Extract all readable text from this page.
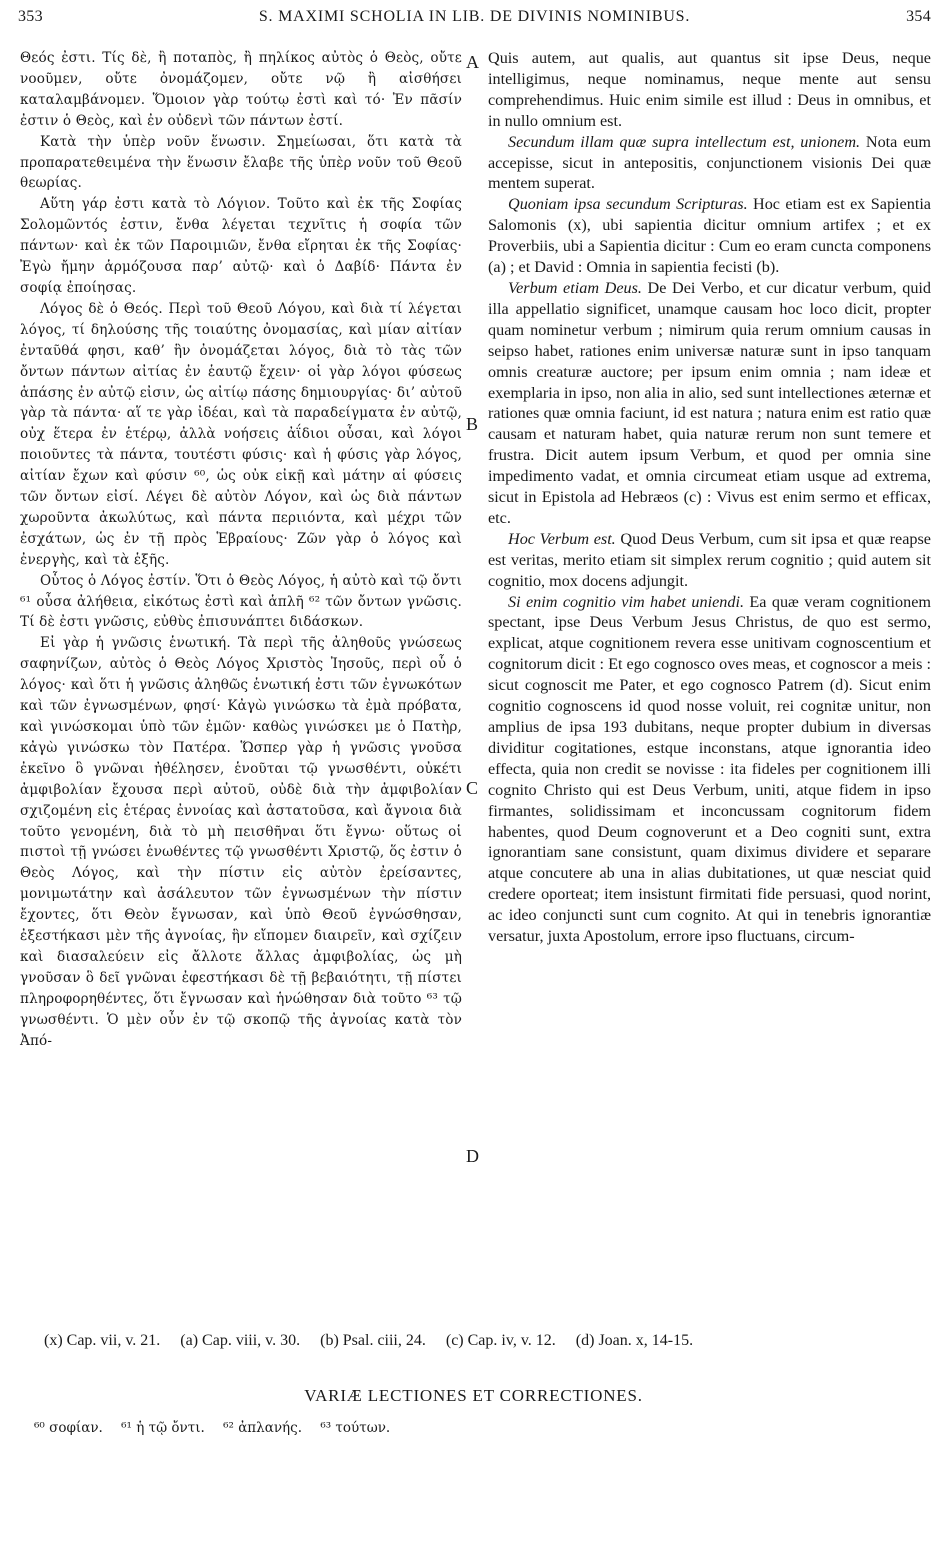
353	S. MAXIMI SCHOLIA IN LIB. DE DIVINIS NOMINIBUS.	354

Θεός ἐστι. Τίς δὲ, ἢ ποταπὸς, ἢ πηλίκος αὐτὸς ὁ Θεὸς, οὔτε νοοῦμεν, οὔτε ὀνομάζομεν, οὔτε νῷ ἢ αἰσθήσει καταλαμβάνομεν. Ὅμοιον γὰρ τούτῳ ἐστὶ καὶ τό· Ἐν πᾶσίν ἐστιν ὁ Θεὸς, καὶ ἐν οὐδενὶ τῶν πάντων ἐστί.

Κατὰ τὴν ὑπὲρ νοῦν ἕνωσιν. Σημείωσαι, ὅτι κατὰ τὰ προπαρατεθειμένα τὴν ἕνωσιν ἔλαβε τῆς ὑπὲρ νοῦν τοῦ Θεοῦ θεωρίας.

Αὕτη γάρ ἐστι κατὰ τὸ Λόγιον. Τοῦτο καὶ ἐκ τῆς Σοφίας Σολομῶντός ἐστιν, ἔνθα λέγεται τεχνῖτις ἡ σοφία τῶν πάντων· καὶ ἐκ τῶν Παροιμιῶν, ἔνθα εἴρηται ἐκ τῆς Σοφίας· Ἐγὼ ἤμην ἁρμόζουσα παρ’ αὐτῷ· καὶ ὁ Δαβίδ· Πάντα ἐν σοφίᾳ ἐποίησας.

Λόγος δὲ ὁ Θεός. Περὶ τοῦ Θεοῦ Λόγου, καὶ διὰ τί λέγεται λόγος, τί δηλούσης τῆς τοιαύτης ὀνομασίας, καὶ μίαν αἰτίαν ἐνταῦθά φησι, καθ’ ἣν ὀνομάζεται λόγος, διὰ τὸ τὰς τῶν ὄντων πάντων αἰτίας ἐν ἑαυτῷ ἔχειν· οἱ γὰρ λόγοι φύσεως ἁπάσης ἐν αὐτῷ εἰσιν, ὡς αἰτίῳ πάσης δημιουργίας· δι’ αὐτοῦ γὰρ τὰ πάντα· αἵ τε γὰρ ἰδέαι, καὶ τὰ παραδείγματα ἐν αὐτῷ, οὐχ ἕτερα ἐν ἑτέρῳ, ἀλλὰ νοήσεις ἀΐδιοι οὖσαι, καὶ λόγοι ποιοῦντες τὰ πάντα, τουτέστι φύσις· καὶ ἡ φύσις γὰρ λόγος, αἰτίαν ἔχων καὶ φύσιν ⁶⁰, ὡς οὐκ εἰκῇ καὶ μάτην αἱ φύσεις τῶν ὄντων εἰσί. Λέγει δὲ αὐτὸν Λόγον, καὶ ὡς διὰ πάντων χωροῦντα ἀκωλύτως, καὶ πάντα περιιόντα, καὶ μέχρι τῶν ἐσχάτων, ὡς ἐν τῇ πρὸς Ἑβραίους· Ζῶν γὰρ ὁ λόγος καὶ ἐνεργὴς, καὶ τὰ ἑξῆς.

Οὗτος ὁ Λόγος ἐστίν. Ὅτι ὁ Θεὸς Λόγος, ἡ αὐτὸ καὶ τῷ ὄντι ⁶¹ οὖσα ἀλήθεια, εἰκότως ἐστὶ καὶ ἁπλῆ ⁶² τῶν ὄντων γνῶσις. Τί δὲ ἐστι γνῶσις, εὐθὺς ἐπισυνάπτει διδάσκων.

Εἰ γὰρ ἡ γνῶσις ἑνωτική. Τὰ περὶ τῆς ἀληθοῦς γνώσεως σαφηνίζων, αὐτὸς ὁ Θεὸς Λόγος Χριστὸς Ἰησοῦς, περὶ οὗ ὁ λόγος· καὶ ὅτι ἡ γνῶσις ἀληθῶς ἑνωτική ἐστι τῶν ἐγνωκότων καὶ τῶν ἐγνωσμένων, φησί· Κἀγὼ γινώσκω τὰ ἐμὰ πρόβατα, καὶ γινώσκομαι ὑπὸ τῶν ἐμῶν· καθὼς γινώσκει με ὁ Πατὴρ, κἀγὼ γινώσκω τὸν Πατέρα. Ὥσπερ γὰρ ἡ γνῶσις γνοῦσα ἐκεῖνο ὃ γνῶναι ἠθέλησεν, ἑνοῦται τῷ γνωσθέντι, οὐκέτι ἀμφιβολίαν ἔχουσα περὶ αὐτοῦ, οὐδὲ διὰ τὴν ἀμφιβολίαν σχιζομένη εἰς ἑτέρας ἐννοίας καὶ ἀστατοῦσα, καὶ ἄγνοια διὰ τοῦτο γενομένη, διὰ τὸ μὴ πεισθῆναι ὅτι ἔγνω· οὕτως οἱ πιστοὶ τῇ γνώσει ἑνωθέντες τῷ γνωσθέντι Χριστῷ, ὅς ἐστιν ὁ Θεὸς Λόγος, καὶ τὴν πίστιν εἰς αὐτὸν ἐρείσαντες, μονιμωτάτην καὶ ἀσάλευτον τῶν ἐγνωσμένων τὴν πίστιν ἔχοντες, ὅτι Θεὸν ἔγνωσαν, καὶ ὑπὸ Θεοῦ ἐγνώσθησαν, ἐξεστήκασι μὲν τῆς ἀγνοίας, ἣν εἴπομεν διαιρεῖν, καὶ σχίζειν καὶ διασαλεύειν εἰς ἄλλοτε ἄλλας ἀμφιβολίας, ὡς μὴ γνοῦσαν ὃ δεῖ γνῶναι ἐφεστήκασι δὲ τῇ βεβαιότητι, τῇ πίστει πληροφορηθέντες, ὅτι ἔγνωσαν καὶ ἡνώθησαν διὰ τοῦτο ⁶³ τῷ γνωσθέντι. Ὁ μὲν οὖν ἐν τῷ σκοπῷ τῆς ἀγνοίας κατὰ τὸν Ἀπό-

A
B
C
D

Quis autem, aut qualis, aut quantus sit ipse Deus, neque intelligimus, neque nominamus, neque mente aut sensu comprehendimus. Huic enim simile est illud : Deus in omnibus, et in nullo omnium est.

Secundum illam quæ supra intellectum est, unionem. Nota eum accepisse, sicut in antepositis, conjunctionem visionis Dei quæ mentem superat.

Quoniam ipsa secundum Scripturas. Hoc etiam est ex Sapientia Salomonis (x), ubi sapientia dicitur omnium artifex ; et ex Proverbiis, ubi a Sapientia dicitur : Cum eo eram cuncta componens (a) ; et David : Omnia in sapientia fecisti (b).

Verbum etiam Deus. De Dei Verbo, et cur dicatur verbum, quid illa appellatio significet, unamque causam hoc loco dicit, propter quam nominetur verbum ; nimirum quia rerum omnium causas in seipso habet, rationes enim universæ naturæ sunt in ipso tanquam omnis creaturæ auctore; per ipsum enim omnia ; nam ideæ et exemplaria in ipso, non alia in alio, sed sunt intellectiones æternæ et rationes quæ omnia faciunt, id est natura ; natura enim est ratio quæ causam et naturam habet, quia naturæ rerum non sunt temere et frustra. Dicit autem ipsum Verbum, et quod per omnia sine impedimento vadat, et omnia circumeat etiam usque ad extrema, sicut in Epistola ad Hebræos (c) : Vivus est enim sermo et efficax, etc.

Hoc Verbum est. Quod Deus Verbum, cum sit ipsa et quæ reapse est veritas, merito etiam sit simplex rerum cognitio ; quid autem sit cognitio, mox docens adjungit.

Si enim cognitio vim habet uniendi. Ea quæ veram cognitionem spectant, ipse Deus Verbum Jesus Christus, de quo est sermo, explicat, atque cognitionem revera esse unitivam cognoscentium et cognitorum dicit : Et ego cognosco oves meas, et cognoscor a meis : sicut cognoscit me Pater, et ego cognosco Patrem (d). Sicut enim cognitio cognoscens id quod nosse voluit, rei cognitæ unitur, non amplius de ipsa 193 dubitans, neque propter dubium in diversas dividitur cogitationes, estque inconstans, atque ignorantia ideo effecta, quia non credit se novisse : ita fideles per cognitionem illi cognito Christo qui est Deus Verbum, uniti, atque fidem in ipso firmantes, solidissimam et inconcussam cognitorum fidem habentes, quod Deum cognoverunt et a Deo cogniti sunt, extra ignorantiam sane consistunt, quam diximus dividere et separare atque concutere ab una in alias dubitationes, ut quæ nesciat quid credere oporteat; item insistunt firmitati fide persuasi, quod norint, ac ideo conjuncti sunt cum cognito. At qui in tenebris ignorantiæ versatur, juxta Apostolum, errore ipso fluctuans, circum-

(x) Cap. vii, v. 21. (a) Cap. viii, v. 30. (b) Psal. ciii, 24. (c) Cap. iv, v. 12. (d) Joan. x, 14-15.
VARIÆ LECTIONES ET CORRECTIONES.
⁶⁰ σοφίαν. ⁶¹ ἡ τῷ ὄντι. ⁶² ἀπλανής. ⁶³ τούτων.
